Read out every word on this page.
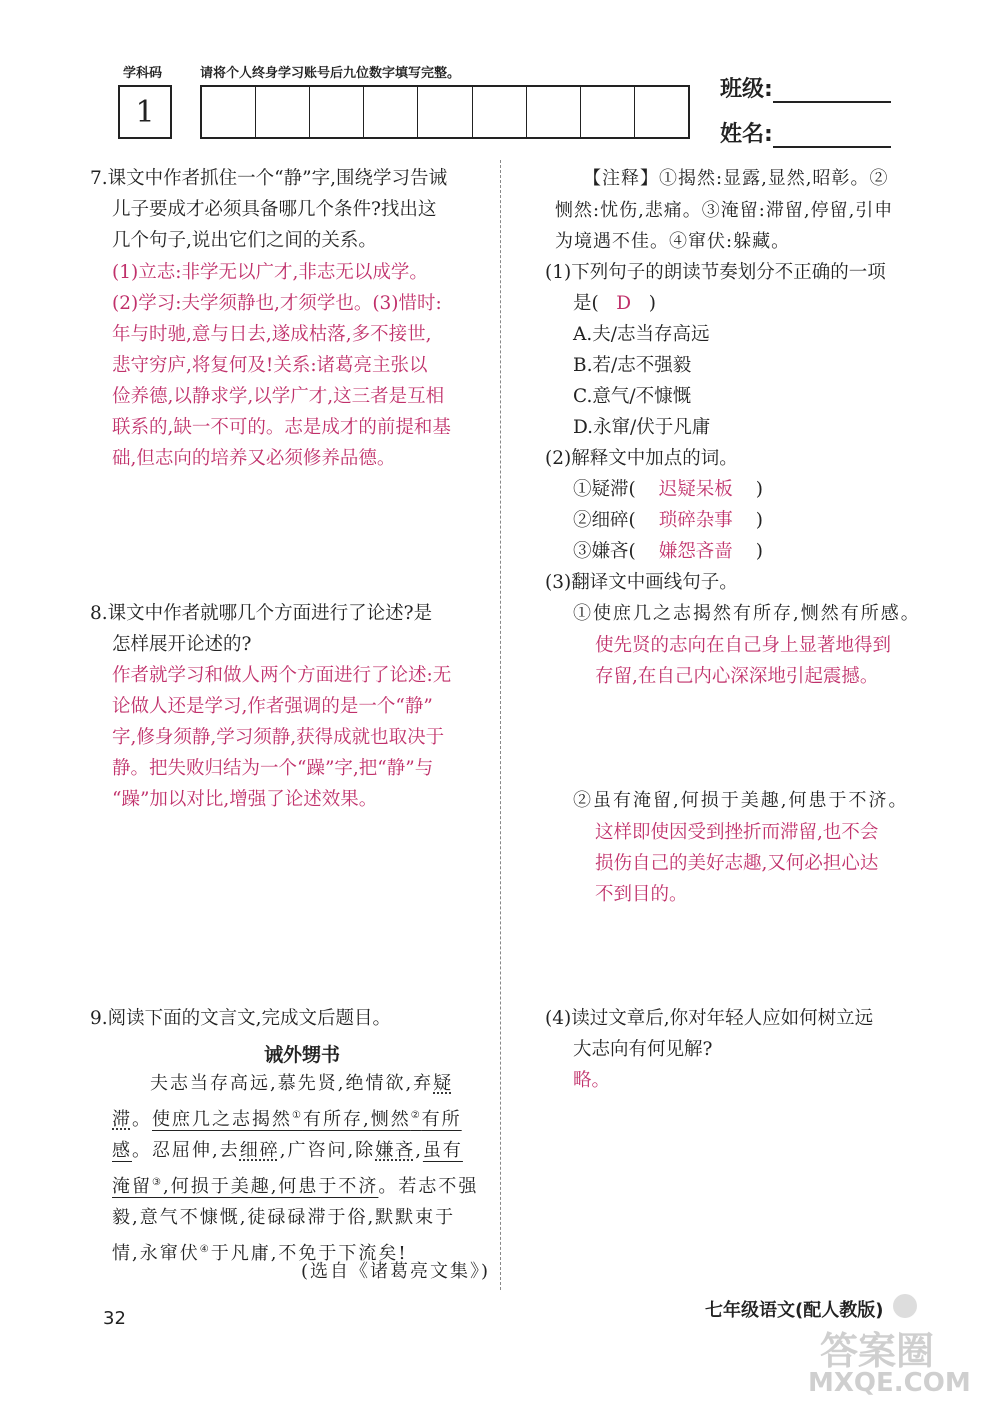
学科码	请将个人终身学习账号后九位数字填写完整。
1
班级:
姓名:
7.课文中作者抓住一个“静”字,围绕学习告诫
儿子要成才必须具备哪几个条件?找出这
几个句子,说出它们之间的关系。
(1)立志:非学无以广才,非志无以成学。
(2)学习:夫学须静也,才须学也。(3)惜时:
年与时驰,意与日去,遂成枯落,多不接世,
悲守穷庐,将复何及!关系:诸葛亮主张以
俭养德,以静求学,以学广才,这三者是互相
联系的,缺一不可的。志是成才的前提和基
础,但志向的培养又必须修养品德。
8.课文中作者就哪几个方面进行了论述?是
怎样展开论述的?
作者就学习和做人两个方面进行了论述:无
论做人还是学习,作者强调的是一个“静”
字,修身须静,学习须静,获得成就也取决于
静。把失败归结为一个“躁”字,把“静”与
“躁”加以对比,增强了论述效果。
9.阅读下面的文言文,完成文后题目。
诫外甥书
夫志当存高远,慕先贤,绝情欲,弃疑
滞。使庶几之志揭然①有所存,恻然②有所
感。忍屈伸,去细碎,广咨问,除嫌吝,虽有
淹留③,何损于美趣,何患于不济。若志不强
毅,意气不慷慨,徒碌碌滞于俗,默默束于
情,永窜伏④于凡庸,不免于下流矣!
(选自《诸葛亮文集》)
【注释】①揭然:显露,显然,昭彰。②
恻然:忧伤,悲痛。③淹留:滞留,停留,引申
为境遇不佳。④窜伏:躲藏。
(1)下列句子的朗读节奏划分不正确的一项
是( D )
A.夫/志当存高远
B.若/志不强毅
C.意气/不慷慨
D.永窜/伏于凡庸
(2)解释文中加点的词。
①疑滞( 迟疑呆板 )
②细碎( 琐碎杂事 )
③嫌吝( 嫌怨吝啬 )
(3)翻译文中画线句子。
①使庶几之志揭然有所存,恻然有所感。
使先贤的志向在自己身上显著地得到
存留,在自己内心深深地引起震撼。
②虽有淹留,何损于美趣,何患于不济。
这样即使因受到挫折而滞留,也不会
损伤自己的美好志趣,又何必担心达
不到目的。
(4)读过文章后,你对年轻人应如何树立远
大志向有何见解?
略。
32	七年级语文(配人教版)
答案圈
MXQE.COM
